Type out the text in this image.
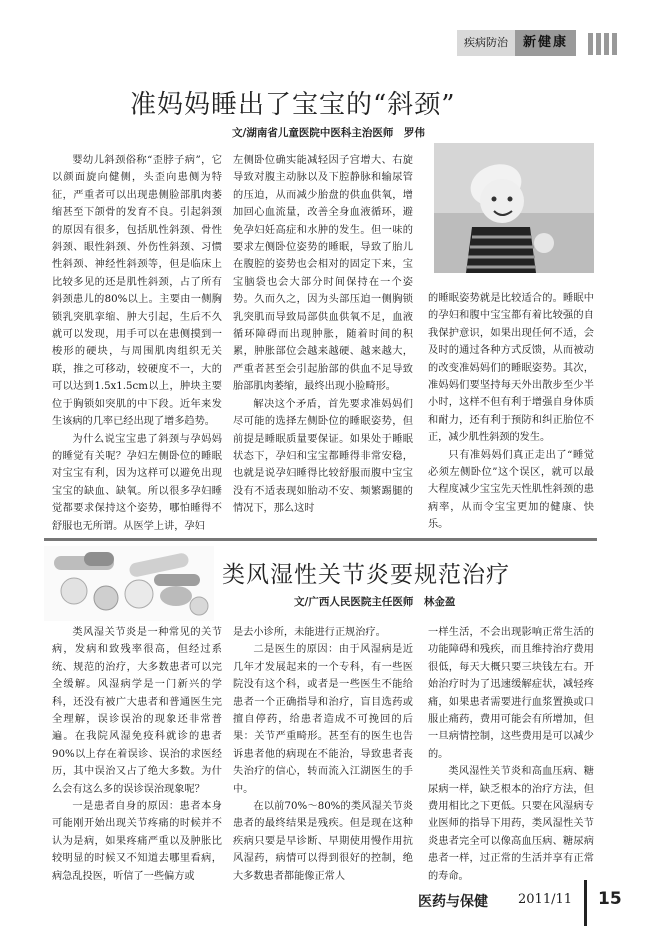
疾病防治	新健康
准妈妈睡出了宝宝的“斜颈”
文/湖南省儿童医院中医科主治医师　罗伟

婴幼儿斜颈俗称“歪脖子病”，它以颜面旋向健侧，头歪向患侧为特征，严重者可以出现患侧脸部肌肉萎缩甚至下颌骨的发育不良。引起斜颈的原因有很多，包括肌性斜颈、骨性斜颈、眼性斜颈、外伤性斜颈、习惯性斜颈、神经性斜颈等，但是临床上比较多见的还是肌性斜颈，占了所有斜颈患儿的80%以上。主要由一侧胸锁乳突肌挛缩、肿大引起，生后不久就可以发现，用手可以在患侧摸到一梭形的硬块，与周围肌肉组织无关联，推之可移动，较硬度不一，大的可以达到1.5x1.5cm以上，肿块主要位于胸锁如突肌的中下段。近年来发生该病的几率已经出现了增多趋势。

为什么说宝宝患了斜颈与孕妈妈的睡觉有关呢？孕妇左侧卧位的睡眠对宝宝有利，因为这样可以避免出现宝宝的缺血、缺氧。所以很多孕妇睡觉都要求保持这个姿势，哪怕睡得不舒服也无所谓。从医学上讲，孕妇

左侧卧位确实能减轻因子宫增大、右旋导致对腹主动脉以及下腔静脉和输尿管的压迫，从而减少胎盘的供血供氧，增加回心血流量，改善全身血液循环，避免孕妇妊高症和水肿的发生。但一味的要求左侧卧位姿势的睡眠，导致了胎儿在腹腔的姿势也会相对的固定下来，宝宝脑袋也会大部分时间保持在一个姿势。久而久之，因为头部压迫一侧胸锁乳突肌而导致局部供血供氧不足，血液循环障碍而出现肿胀，随着时间的积累，肿胀部位会越来越硬、越来越大，严重者甚至会引起胎部的供血不足导致胎部肌肉萎缩，最终出现小脸畸形。

解决这个矛盾，首先要求准妈妈们尽可能的选择左侧卧位的睡眠姿势，但前提是睡眠质量要保证。如果处于睡眠状态下，孕妇和宝宝都睡得非常安稳，也就是说孕妇睡得比较舒服而腹中宝宝没有不适表现如胎动不安、频繁踢腿的情况下，那么这时

的睡眠姿势就是比较适合的。睡眠中的孕妇和腹中宝宝都有着比较强的自我保护意识，如果出现任何不适，会及时的通过各种方式反馈，从而被动的改变准妈妈们的睡眠姿势。其次，准妈妈们要坚持每天外出散步至少半小时，这样不但有利于增强自身体质和耐力，还有利于预防和纠正胎位不正，减少肌性斜颈的发生。

只有准妈妈们真正走出了“睡觉必须左侧卧位”这个误区，就可以最大程度减少宝宝先天性肌性斜颈的患病率，从而令宝宝更加的健康、快乐。

类风湿性关节炎要规范治疗
文/广西人民医院主任医师　林金盈

类风湿关节炎是一种常见的关节病，发病和致残率很高，但经过系统、规范的治疗，大多数患者可以完全缓解。风湿病学是一门新兴的学科，还没有被广大患者和普通医生完全理解，误诊误治的现象还非常普遍。在我院风湿免疫科就诊的患者90%以上存在着误诊、误治的求医经历，其中误治又占了绝大多数。为什么会有这么多的误诊误治现象呢？

一是患者自身的原因：患者本身可能刚开始出现关节疼痛的时候并不认为是病，如果疼痛严重以及肿胀比较明显的时候又不知道去哪里看病，病急乱投医，听信了一些偏方或

是去小诊所，未能进行正规治疗。

二是医生的原因：由于风湿病是近几年才发展起来的一个专科，有一些医院没有这个科，或者是一些医生不能给患者一个正确指导和治疗，盲目选药或擅自停药，给患者造成不可挽回的后果：关节严重畸形。甚至有的医生也告诉患者他的病现在不能治，导致患者丧失治疗的信心，转而流入江湖医生的手中。

在以前70%～80%的类风湿关节炎患者的最终结果是残疾。但是现在这种疾病只要是早诊断、早期使用慢作用抗风湿药，病情可以得到很好的控制，绝大多数患者都能像正常人

一样生活，不会出现影响正常生活的功能障碍和残疾，而且维持治疗费用很低，每天大概只要三块钱左右。开始治疗时为了迅速缓解症状，减轻疼痛，如果患者需要进行血浆置换或口服止痛药，费用可能会有所增加，但一旦病情控制，这些费用是可以减少的。

类风湿性关节炎和高血压病、糖尿病一样，缺乏根本的治疗方法，但费用相比之下更低。只要在风湿病专业医师的指导下用药，类风湿性关节炎患者完全可以像高血压病、糖尿病患者一样，过正常的生活并享有正常的寿命。

医药与保健 2011/11 15
